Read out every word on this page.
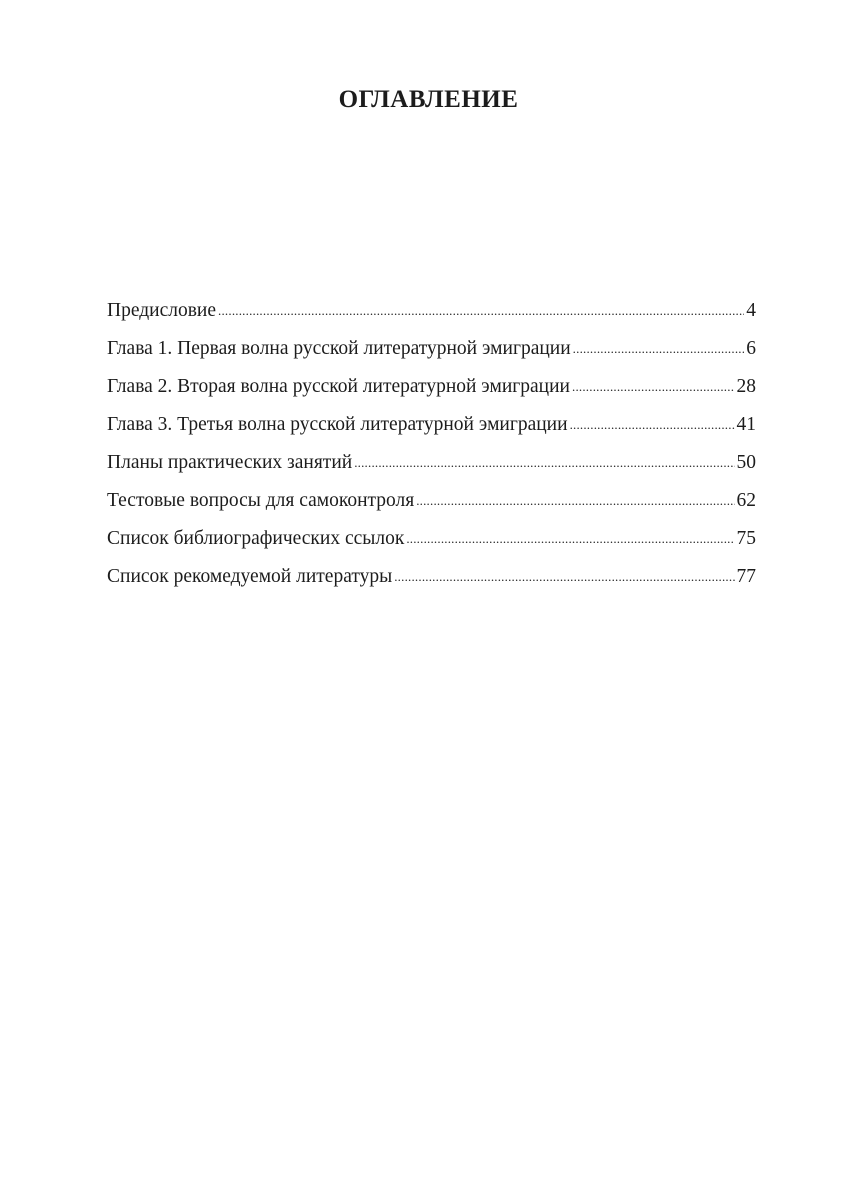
ОГЛАВЛЕНИЕ
Предисловие .....	4
Глава 1. Первая волна русской литературной эмиграции .....	6
Глава 2. Вторая волна русской литературной эмиграции .....	28
Глава 3. Третья волна русской литературной эмиграции .....	41
Планы практических занятий .....	50
Тестовые вопросы для самоконтроля .....	62
Список библиографических ссылок .....	75
Список рекомедуемой литературы .....	77
